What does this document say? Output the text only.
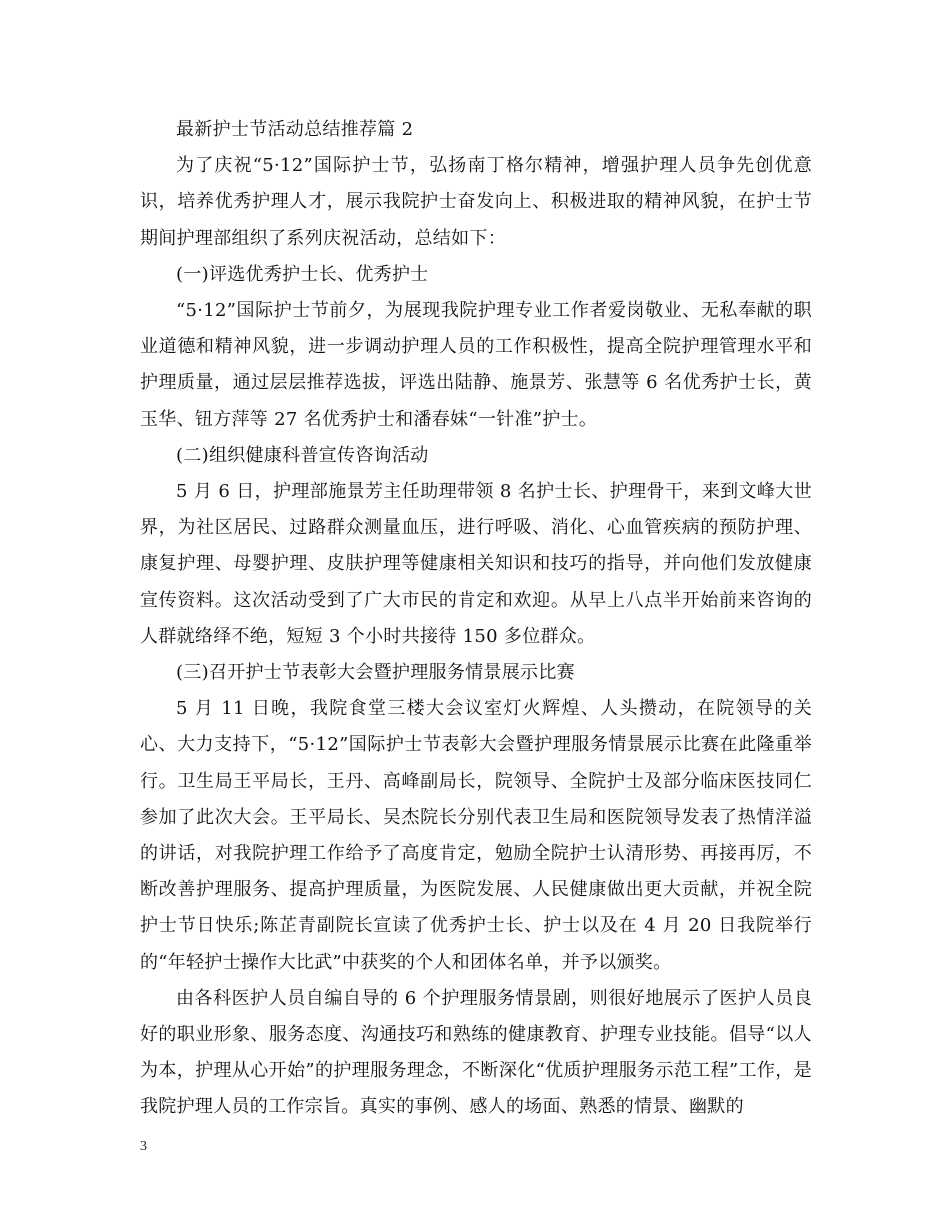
最新护士节活动总结推荐篇 2

为了庆祝“5·12”国际护士节，弘扬南丁格尔精神，增强护理人员争先创优意识，培养优秀护理人才，展示我院护士奋发向上、积极进取的精神风貌，在护士节期间护理部组织了系列庆祝活动，总结如下：

(一)评选优秀护士长、优秀护士

“5·12”国际护士节前夕，为展现我院护理专业工作者爱岗敬业、无私奉献的职业道德和精神风貌，进一步调动护理人员的工作积极性，提高全院护理管理水平和护理质量，通过层层推荐选拔，评选出陆静、施景芳、张慧等 6 名优秀护士长，黄玉华、钮方萍等 27 名优秀护士和潘春妹“一针准”护士。

(二)组织健康科普宣传咨询活动

5 月 6 日，护理部施景芳主任助理带领 8 名护士长、护理骨干，来到文峰大世界，为社区居民、过路群众测量血压，进行呼吸、消化、心血管疾病的预防护理、康复护理、母婴护理、皮肤护理等健康相关知识和技巧的指导，并向他们发放健康宣传资料。这次活动受到了广大市民的肯定和欢迎。从早上八点半开始前来咨询的人群就络绎不绝，短短 3 个小时共接待 150 多位群众。

(三)召开护士节表彰大会暨护理服务情景展示比赛

5 月 11 日晚，我院食堂三楼大会议室灯火辉煌、人头攒动，在院领导的关心、大力支持下，“5·12”国际护士节表彰大会暨护理服务情景展示比赛在此隆重举行。卫生局王平局长，王丹、高峰副局长，院领导、全院护士及部分临床医技同仁参加了此次大会。王平局长、吴杰院长分别代表卫生局和医院领导发表了热情洋溢的讲话，对我院护理工作给予了高度肯定，勉励全院护士认清形势、再接再厉，不断改善护理服务、提高护理质量，为医院发展、人民健康做出更大贡献，并祝全院护士节日快乐;陈芷青副院长宣读了优秀护士长、护士以及在 4 月 20 日我院举行的“年轻护士操作大比武”中获奖的个人和团体名单，并予以颁奖。

由各科医护人员自编自导的 6 个护理服务情景剧，则很好地展示了医护人员良好的职业形象、服务态度、沟通技巧和熟练的健康教育、护理专业技能。倡导“以人为本，护理从心开始”的护理服务理念，不断深化“优质护理服务示范工程”工作，是我院护理人员的工作宗旨。真实的事例、感人的场面、熟悉的情景、幽默的

3
